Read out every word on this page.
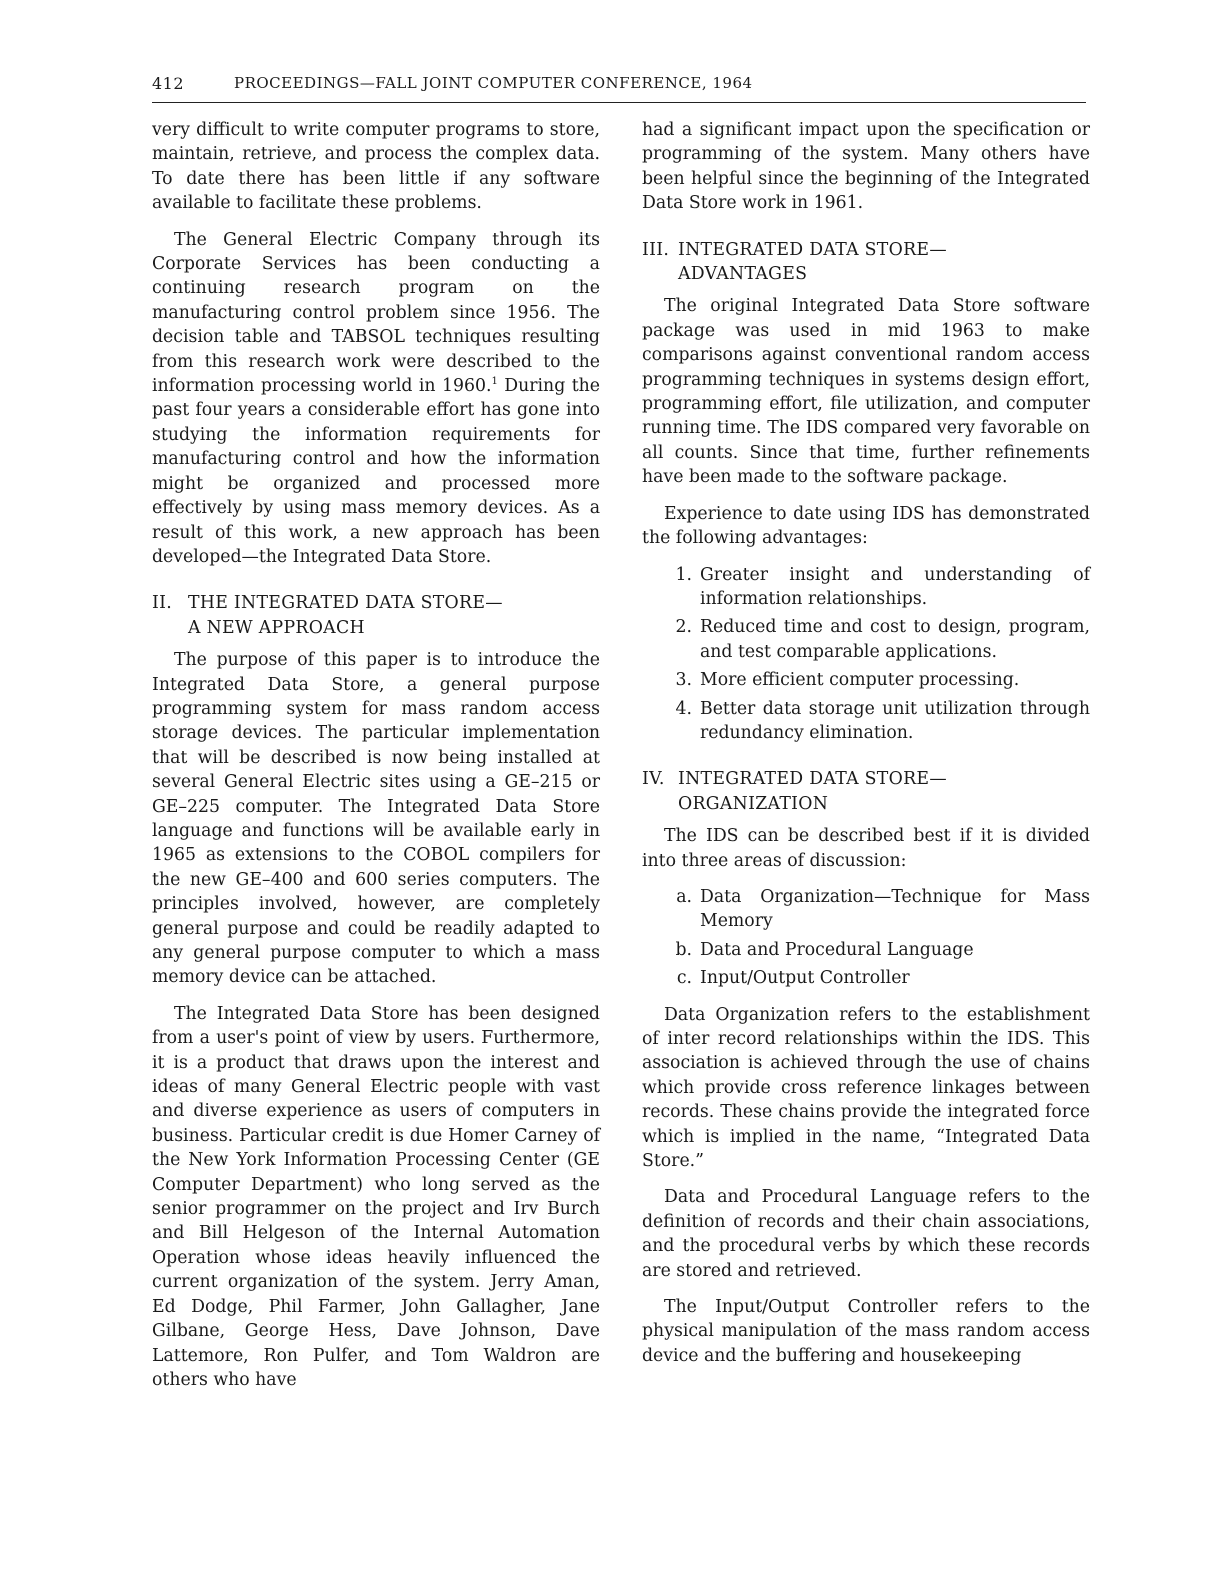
412	PROCEEDINGS—FALL JOINT COMPUTER CONFERENCE, 1964

very difficult to write computer programs to store, maintain, retrieve, and process the complex data. To date there has been little if any software available to facilitate these problems.

The General Electric Company through its Corporate Services has been conducting a continuing research program on the manufacturing control problem since 1956. The decision table and TABSOL techniques resulting from this research work were described to the information processing world in 1960.$^1$ During the past four years a considerable effort has gone into studying the information requirements for manufacturing control and how the information might be organized and processed more effectively by using mass memory devices. As a result of this work, a new approach has been developed—the Integrated Data Store.

II. THE INTEGRATED DATA STORE—
A NEW APPROACH

The purpose of this paper is to introduce the Integrated Data Store, a general purpose programming system for mass random access storage devices. The particular implementation that will be described is now being installed at several General Electric sites using a GE–215 or GE–225 computer. The Integrated Data Store language and functions will be available early in 1965 as extensions to the COBOL compilers for the new GE–400 and 600 series computers. The principles involved, however, are completely general purpose and could be readily adapted to any general purpose computer to which a mass memory device can be attached.

The Integrated Data Store has been designed from a user's point of view by users. Furthermore, it is a product that draws upon the interest and ideas of many General Electric people with vast and diverse experience as users of computers in business. Particular credit is due Homer Carney of the New York Information Processing Center (GE Computer Department) who long served as the senior programmer on the project and Irv Burch and Bill Helgeson of the Internal Automation Operation whose ideas heavily influenced the current organization of the system. Jerry Aman, Ed Dodge, Phil Farmer, John Gallagher, Jane Gilbane, George Hess, Dave Johnson, Dave Lattemore, Ron Pulfer, and Tom Waldron are others who have

had a significant impact upon the specification or programming of the system. Many others have been helpful since the beginning of the Integrated Data Store work in 1961.

III. INTEGRATED DATA STORE—
ADVANTAGES

The original Integrated Data Store software package was used in mid 1963 to make comparisons against conventional random access programming techniques in systems design effort, programming effort, file utilization, and computer running time. The IDS compared very favorable on all counts. Since that time, further refinements have been made to the software package.

Experience to date using IDS has demonstrated the following advantages:

1. Greater insight and understanding of information relationships.
2. Reduced time and cost to design, program, and test comparable applications.
3. More efficient computer processing.
4. Better data storage unit utilization through redundancy elimination.
IV. INTEGRATED DATA STORE—
ORGANIZATION

The IDS can be described best if it is divided into three areas of discussion:

a. Data Organization—Technique for Mass Memory
b. Data and Procedural Language
c. Input/Output Controller

Data Organization refers to the establishment of inter record relationships within the IDS. This association is achieved through the use of chains which provide cross reference linkages between records. These chains provide the integrated force which is implied in the name, “Integrated Data Store.”

Data and Procedural Language refers to the definition of records and their chain associations, and the procedural verbs by which these records are stored and retrieved.

The Input/Output Controller refers to the physical manipulation of the mass random access device and the buffering and housekeeping
